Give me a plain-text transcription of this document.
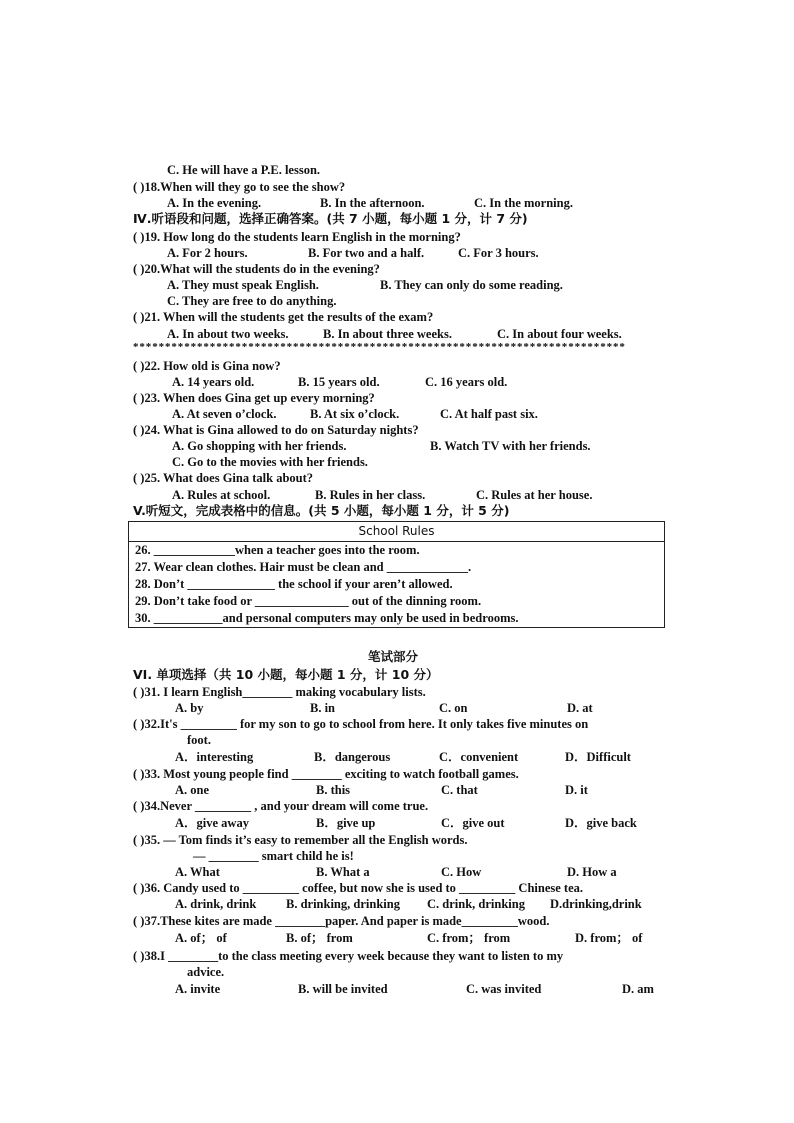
C. He will have a P.E. lesson.
( )18.When will they go to see the show?
A. In the evening.	B. In the afternoon.	C. In the morning.
Ⅳ.听语段和问题，选择正确答案。(共 7 小题，每小题 1 分，计 7 分)
( )19. How long do the students learn English in the morning?
A. For 2 hours.	B. For two and a half.	C. For 3 hours.
( )20.What will the students do in the evening?
A. They must speak English.	B. They can only do some reading.
C. They are free to do anything.
( )21. When will the students get the results of the exam?
A. In about two weeks.	B. In about three weeks.	C. In about four weeks.
*****************************************************************************
( )22. How old is Gina now?
A. 14 years old.	B. 15 years old.	C. 16 years old.
( )23. When does Gina get up every morning?
A. At seven o’clock.	B. At six o’clock.	C. At half past six.
( )24. What is Gina allowed to do on Saturday nights?
A. Go shopping with her friends.	B. Watch TV with her friends.
C. Go to the movies with her friends.
( )25. What does Gina talk about?
A. Rules at school.	B. Rules in her class.	C. Rules at her house.
V.听短文，完成表格中的信息。(共 5 小题，每小题 1 分，计 5 分)
School Rules
26. _____________when a teacher goes into the room.
27. Wear clean clothes. Hair must be clean and _____________.
28. Don’t ______________ the school if your aren’t allowed.
29. Don’t take food or _______________ out of the dinning room.
30. ___________and personal computers may only be used in bedrooms.
笔试部分
VI. 单项选择（共 10 小题，每小题 1 分，计 10 分）
( )31. I learn English________ making vocabulary lists.
A. by	B. in	C. on	D. at
( )32.It's _________ for my son to go to school from here. It only takes five minutes on
foot.
A．interesting	B．dangerous	C．convenient	D．Difficult
( )33. Most young people find ________ exciting to watch football games.
A. one	B. this	C. that	D. it
( )34.Never _________ , and your dream will come true.
A．give away	B．give up	C．give out	D．give back
( )35. — Tom finds it’s easy to remember all the English words.
— ________ smart child he is!
A. What	B. What a	C. How	D. How a
( )36. Candy used to _________ coffee, but now she is used to _________ Chinese tea.
A. drink, drink B. drinking, drinking C. drink, drinking D.drinking,drink
( )37.These kites are made ________paper. And paper is made_________wood.
A. of； of	B. of； from	C. from； from	D. from； of
( )38.I ________to the class meeting every week because they want to listen to my
advice.
A. invite	B. will be invited	C. was invited	D. am
